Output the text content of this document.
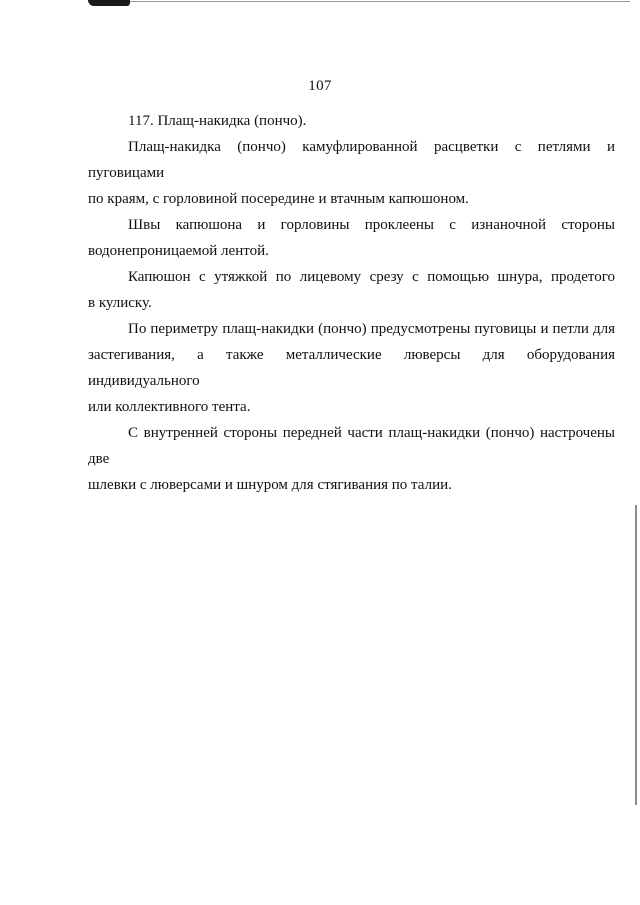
107

117. Плащ-накидка (пончо).

Плащ-накидка (пончо) камуфлированной расцветки с петлями и пуговицами
по краям, с горловиной посередине и втачным капюшоном.

Швы капюшона и горловины проклеены с изнаночной стороны
водонепроницаемой лентой.

Капюшон с утяжкой по лицевому срезу с помощью шнура, продетого
в кулиску.

По периметру плащ-накидки (пончо) предусмотрены пуговицы и петли для
застегивания, а также металлические люверсы для оборудования индивидуального
или коллективного тента.

С внутренней стороны передней части плащ-накидки (пончо) настрочены две
шлевки с люверсами и шнуром для стягивания по талии.
